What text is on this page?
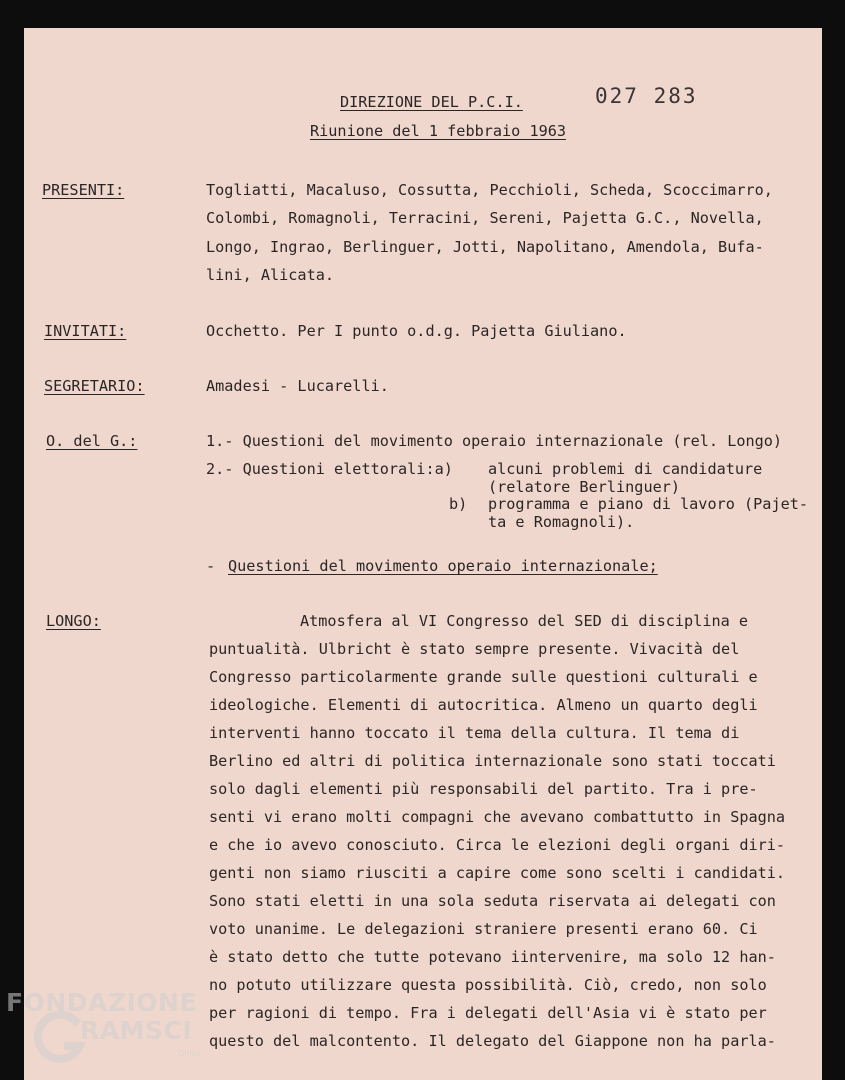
027 283
DIREZIONE DEL P.C.I.
Riunione del 1 febbraio 1963
PRESENTI:	Togliatti, Macaluso, Cossutta, Pecchioli, Scheda, Scoccimarro,
Colombi, Romagnoli, Terracini, Sereni, Pajetta G.C., Novella,
Longo, Ingrao, Berlinguer, Jotti, Napolitano, Amendola, Bufa-
lini, Alicata.
INVITATI:	Occhetto. Per I punto o.d.g. Pajetta Giuliano.
SEGRETARIO:	Amadesi - Lucarelli.
O. del G.:	1.- Questioni del movimento operaio internazionale (rel. Longo)
2.- Questioni elettorali:a) alcuni problemi di candidature
(relatore Berlinguer)
b) programma e piano di lavoro (Pajet-
ta e Romagnoli).
- Questioni del movimento operaio internazionale;
LONGO:	Atmosfera al VI Congresso del SED di disciplina e
puntualità. Ulbricht è stato sempre presente. Vivacità del
Congresso particolarmente grande sulle questioni culturali e
ideologiche. Elementi di autocritica. Almeno un quarto degli
interventi hanno toccato il tema della cultura. Il tema di
Berlino ed altri di politica internazionale sono stati toccati
solo dagli elementi più responsabili del partito. Tra i pre-
senti vi erano molti compagni che avevano combattutto in Spagna
e che io avevo conosciuto. Circa le elezioni degli organi diri-
genti non siamo riusciti a capire come sono scelti i candidati.
Sono stati eletti in una sola seduta riservata ai delegati con
voto unanime. Le delegazioni straniere presenti erano 60. Ci
è stato detto che tutte potevano iintervenire, ma solo 12 han-
no potuto utilizzare questa possibilità. Ciò, credo, non solo
per ragioni di tempo. Fra i delegati dell'Asia vi è stato per
questo del malcontento. Il delegato del Giappone non ha parla-
FONDAZIONE
RAMSCI
Onlus
